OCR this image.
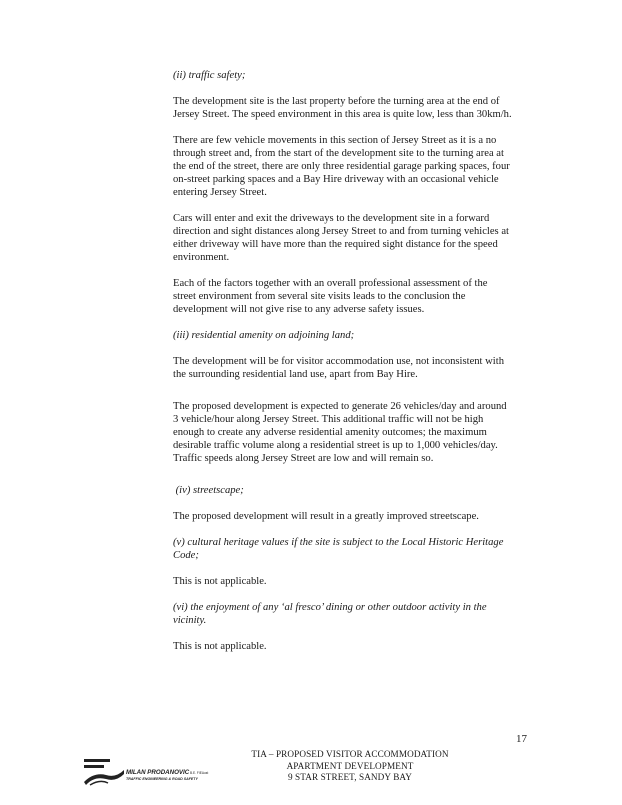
(ii) traffic safety;

The development site is the last property before the turning area at the end of Jersey Street. The speed environment in this area is quite low, less than 30km/h.

There are few vehicle movements in this section of Jersey Street as it is a no through street and, from the start of the development site to the turning area at the end of the street, there are only three residential garage parking spaces, four on-street parking spaces and a Bay Hire driveway with an occasional vehicle entering Jersey Street.

Cars will enter and exit the driveways to the development site in a forward direction and sight distances along Jersey Street to and from turning vehicles at either driveway will have more than the required sight distance for the speed environment.

Each of the factors together with an overall professional assessment of the street environment from several site visits leads to the conclusion the development will not give rise to any adverse safety issues.

(iii) residential amenity on adjoining land;

The development will be for visitor accommodation use, not inconsistent with the surrounding residential land use, apart from Bay Hire.

The proposed development is expected to generate 26 vehicles/day and around 3 vehicle/hour along Jersey Street. This additional traffic will not be high enough to create any adverse residential amenity outcomes; the maximum desirable traffic volume along a residential street is up to 1,000 vehicles/day. Traffic speeds along Jersey Street are low and will remain so.

(iv) streetscape;

The proposed development will result in a greatly improved streetscape.

(v) cultural heritage values if the site is subject to the Local Historic Heritage Code;

This is not applicable.

(vi) the enjoyment of any ‘al fresco’ dining or other outdoor activity in the vicinity.

This is not applicable.

17
TIA – PROPOSED VISITOR ACCOMMODATION
APARTMENT DEVELOPMENT
9 STAR STREET, SANDY BAY
MILAN PRODANOVIC B.E. FIEAust
TRAFFIC ENGINEERING & ROAD SAFETY
